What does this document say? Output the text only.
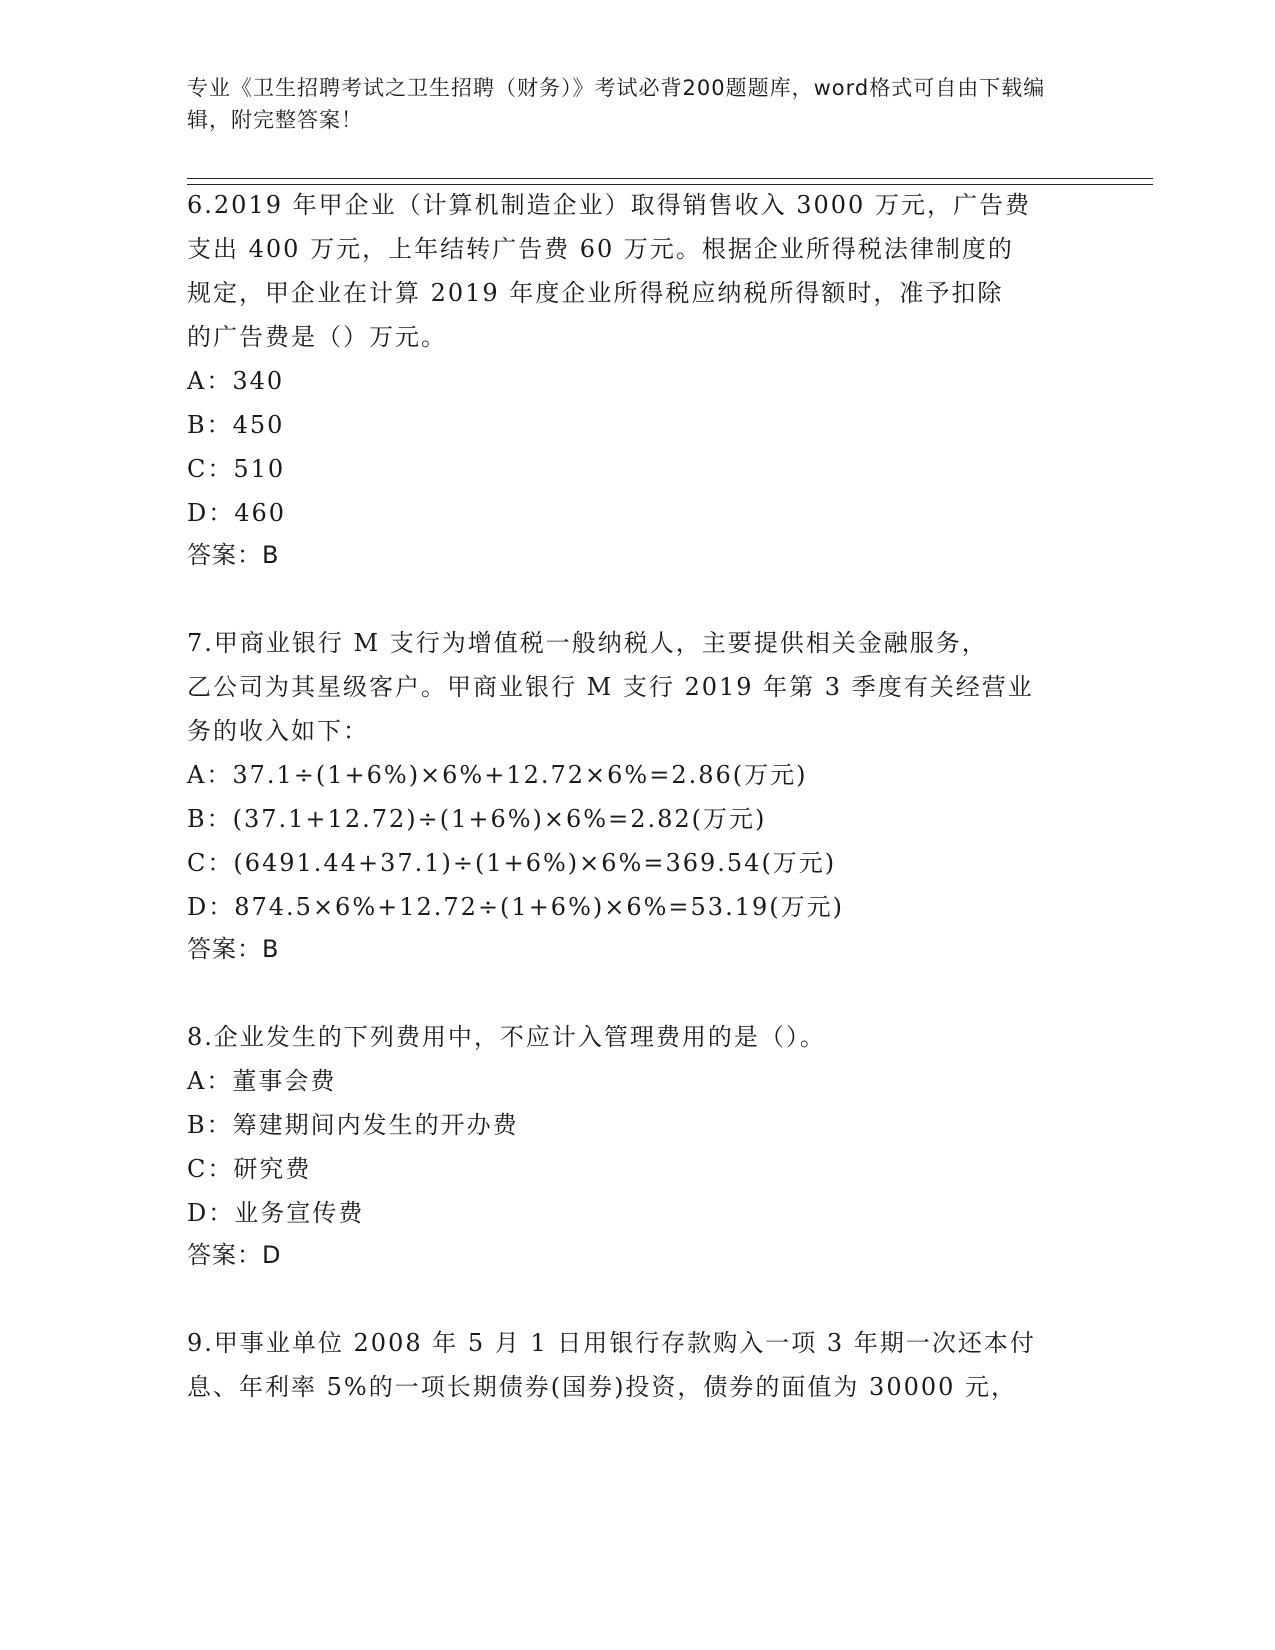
专业《卫生招聘考试之卫生招聘（财务）》考试必背200题题库，word格式可自由下载编辑，附完整答案！
6.2019 年甲企业（计算机制造企业）取得销售收入 3000 万元，广告费
支出 400 万元，上年结转广告费 60 万元。根据企业所得税法律制度的
规定，甲企业在计算 2019 年度企业所得税应纳税所得额时，准予扣除
的广告费是（）万元。
A：340
B：450
C：510
D：460
答案：B
7.甲商业银行 M 支行为增值税一般纳税人，主要提供相关金融服务，
乙公司为其星级客户。甲商业银行 M 支行 2019 年第 3 季度有关经营业
务的收入如下：
A：37.1÷(1+6%)×6%+12.72×6%=2.86(万元)
B：(37.1+12.72)÷(1+6%)×6%=2.82(万元)
C：(6491.44+37.1)÷(1+6%)×6%=369.54(万元)
D：874.5×6%+12.72÷(1+6%)×6%=53.19(万元)
答案：B
8.企业发生的下列费用中，不应计入管理费用的是（）。
A：董事会费
B：筹建期间内发生的开办费
C：研究费
D：业务宣传费
答案：D
9.甲事业单位 2008 年 5 月 1 日用银行存款购入一项 3 年期一次还本付
息、年利率 5%的一项长期债券(国券)投资，债券的面值为 30000 元，
